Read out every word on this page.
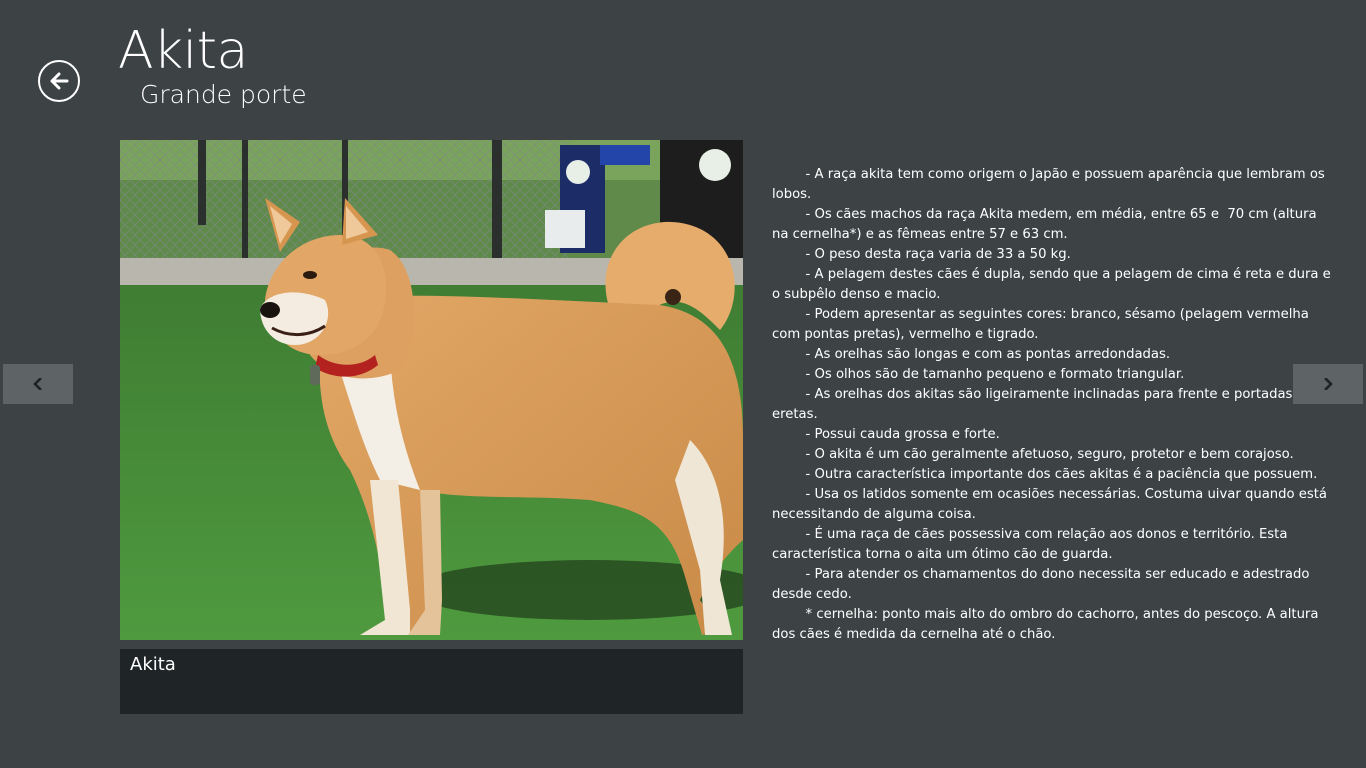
Akita
Grande porte
Akita

- A raça akita tem como origem o Japão e possuem aparência que lembram os lobos.
- Os cães machos da raça Akita medem, em média, entre 65 e  70 cm (altura na cernelha*) e as fêmeas entre 57 e 63 cm.
- O peso desta raça varia de 33 a 50 kg.
- A pelagem destes cães é dupla, sendo que a pelagem de cima é reta e dura e o subpêlo denso e macio.
- Podem apresentar as seguintes cores: branco, sésamo (pelagem vermelha com pontas pretas), vermelho e tigrado.
- As orelhas são longas e com as pontas arredondadas.
- Os olhos são de tamanho pequeno e formato triangular.
- As orelhas dos akitas são ligeiramente inclinadas para frente e portadas eretas.
- Possui cauda grossa e forte.
- O akita é um cão geralmente afetuoso, seguro, protetor e bem corajoso.
- Outra característica importante dos cães akitas é a paciência que possuem.
- Usa os latidos somente em ocasiões necessárias. Costuma uivar quando está necessitando de alguma coisa.
- É uma raça de cães possessiva com relação aos donos e território. Esta característica torna o aita um ótimo cão de guarda.
- Para atender os chamamentos do dono necessita ser educado e adestrado desde cedo.
* cernelha: ponto mais alto do ombro do cachorro, antes do pescoço. A altura dos cães é medida da cernelha até o chão.
